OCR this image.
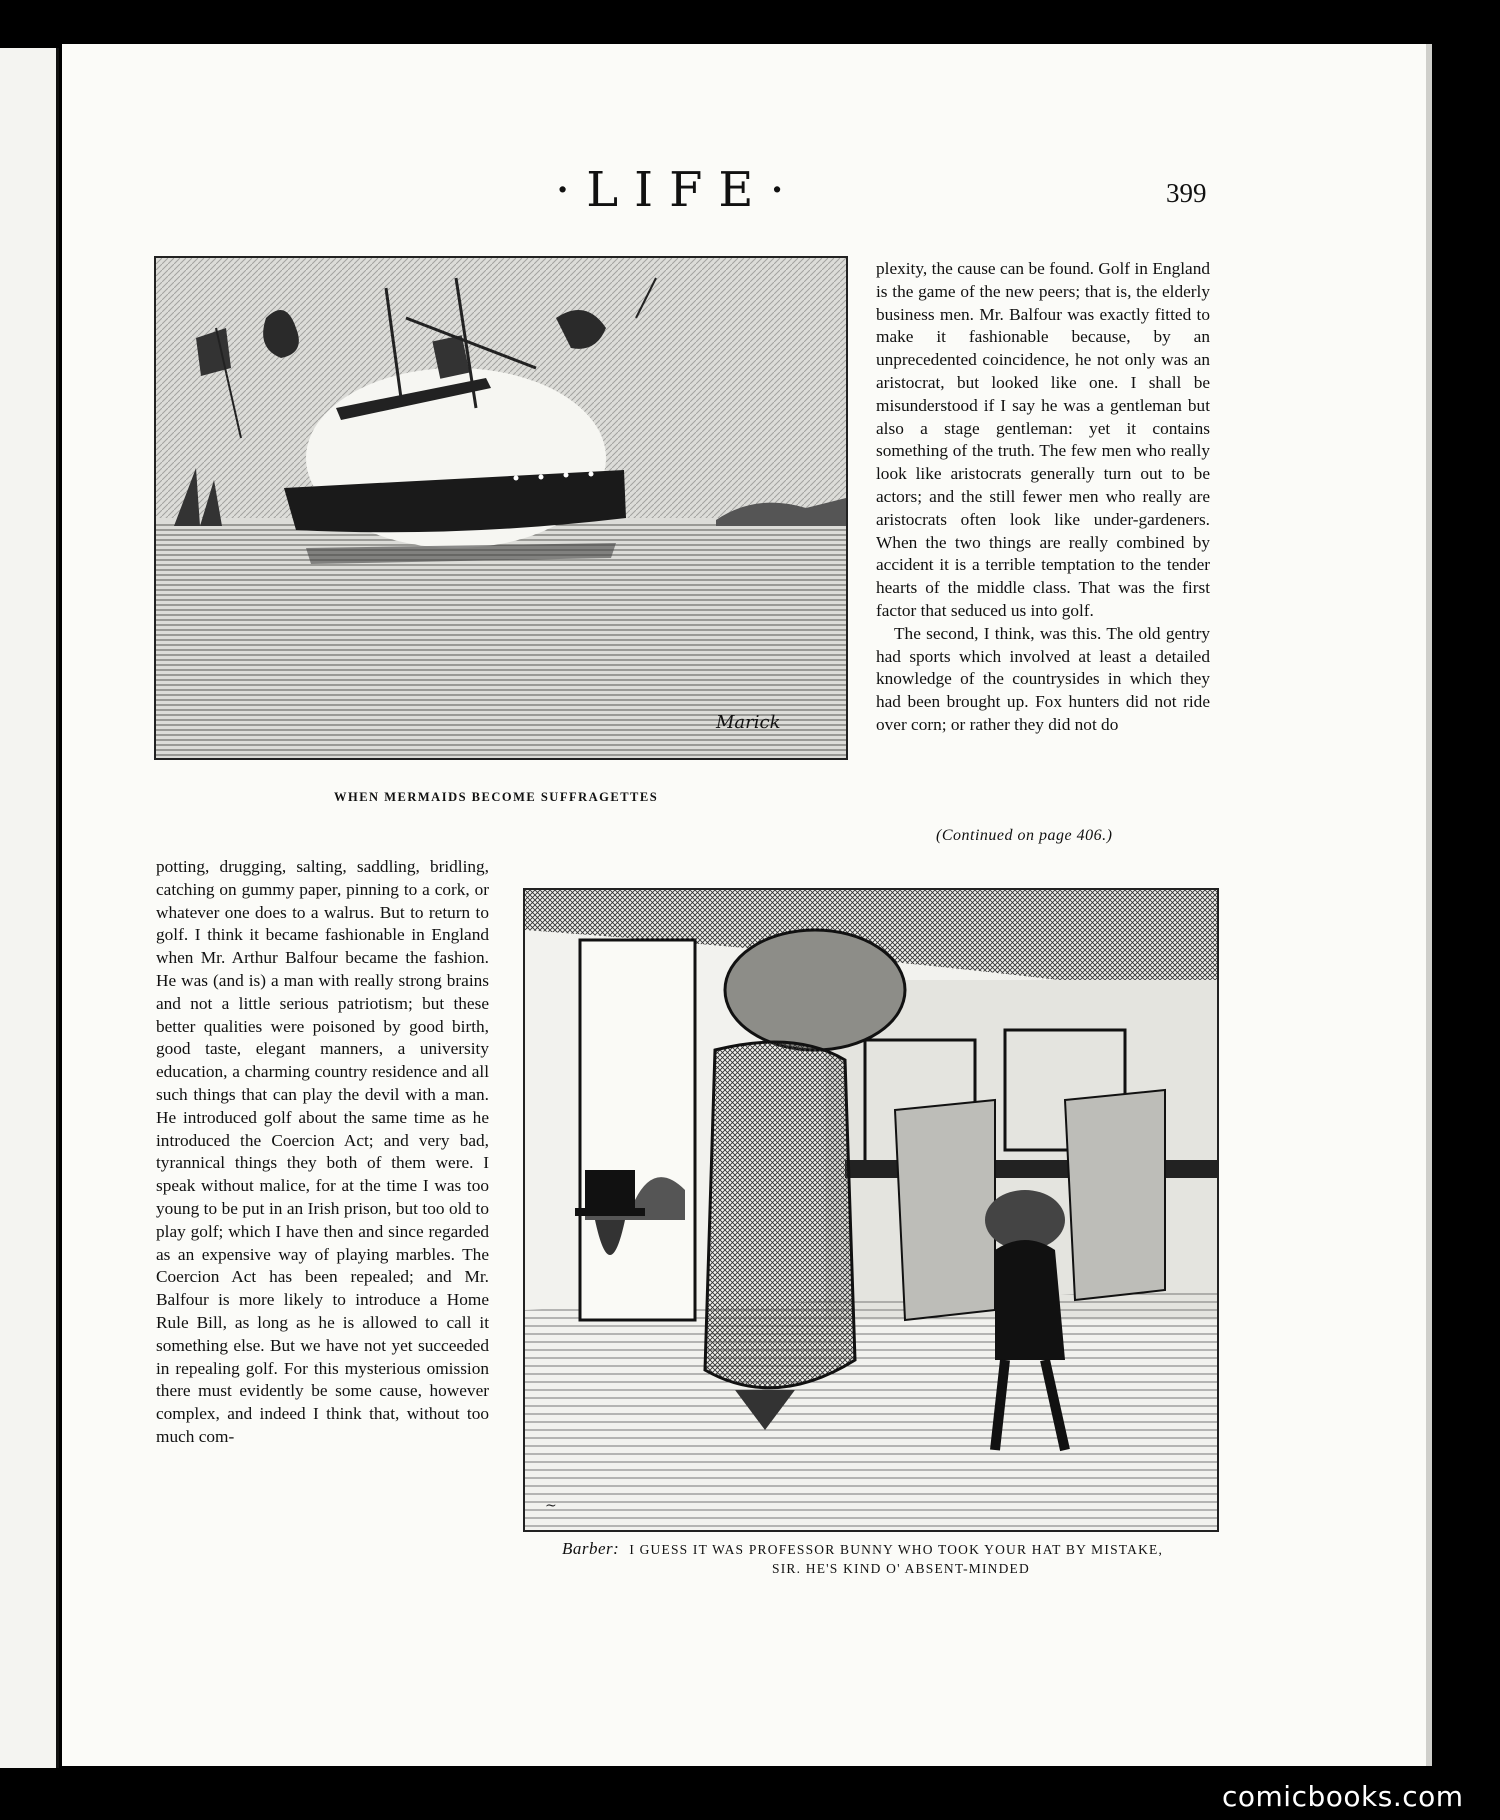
·LIFE·	399
Marick
WHEN MERMAIDS BECOME SUFFRAGETTES

plexity, the cause can be found. Golf in England is the game of the new peers; that is, the elderly business men. Mr. Balfour was exactly fitted to make it fashionable because, by an unprecedented coincidence, he not only was an aristocrat, but looked like one. I shall be misunderstood if I say he was a gentleman but also a stage gentleman: yet it contains something of the truth. The few men who really look like aristocrats generally turn out to be actors; and the still fewer men who really are aristocrats often look like under-gardeners. When the two things are really combined by accident it is a terrible temptation to the tender hearts of the middle class. That was the first factor that seduced us into golf.

The second, I think, was this. The old gentry had sports which involved at least a detailed knowledge of the countrysides in which they had been brought up. Fox hunters did not ride over corn; or rather they did not do

(Continued on page 406.)

potting, drugging, salting, saddling, bridling, catching on gummy paper, pinning to a cork, or whatever one does to a walrus. But to return to golf. I think it became fashionable in England when Mr. Arthur Balfour became the fashion. He was (and is) a man with really strong brains and not a little serious patriotism; but these better qualities were poisoned by good birth, good taste, elegant manners, a university education, a charming country residence and all such things that can play the devil with a man. He introduced golf about the same time as he introduced the Coercion Act; and very bad, tyrannical things they both of them were. I speak without malice, for at the time I was too young to be put in an Irish prison, but too old to play golf; which I have then and since regarded as an expensive way of playing marbles. The Coercion Act has been repealed; and Mr. Balfour is more likely to introduce a Home Rule Bill, as long as he is allowed to call it something else. But we have not yet succeeded in repealing golf. For this mysterious omission there must evidently be some cause, however complex, and indeed I think that, without too much com-

~
Barber: I GUESS IT WAS PROFESSOR BUNNY WHO TOOK YOUR HAT BY MISTAKE,
SIR. HE'S KIND O' ABSENT-MINDED
comicbooks.com
